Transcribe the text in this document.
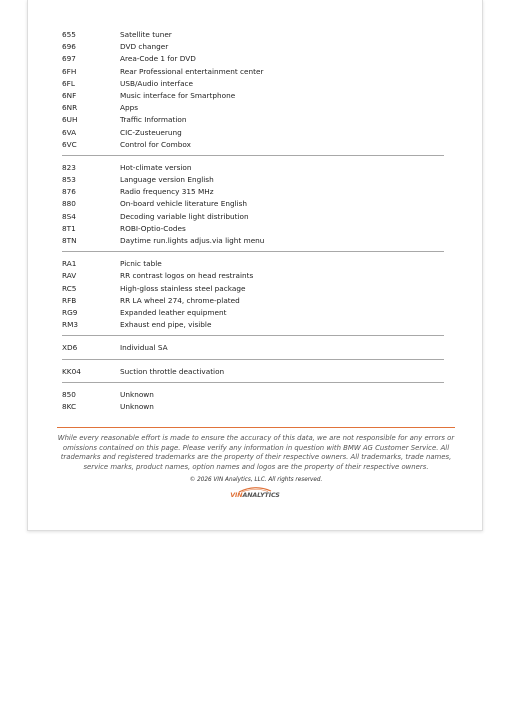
655	Satellite tuner
696	DVD changer
697	Area-Code 1 for DVD
6FH	Rear Professional entertainment center
6FL	USB/Audio interface
6NF	Music interface for Smartphone
6NR	Apps
6UH	Traffic Information
6VA	CIC-Zusteuerung
6VC	Control for Combox
823	Hot-climate version
853	Language version English
876	Radio frequency 315 MHz
880	On-board vehicle literature English
8S4	Decoding variable light distribution
8T1	ROBI-Optio-Codes
8TN	Daytime run.lights adjus.via light menu
RA1	Picnic table
RAV	RR contrast logos on head restraints
RC5	High-gloss stainless steel package
RFB	RR LA wheel 274, chrome-plated
RG9	Expanded leather equipment
RM3	Exhaust end pipe, visible
XD6	Individual SA
KK04	Suction throttle deactivation
850	Unknown
8KC	Unknown
While every reasonable effort is made to ensure the accuracy of this data, we are not responsible for any errors or omissions contained on this page. Please verify any information in question with BMW AG Customer Service. All trademarks and registered trademarks are the property of their respective owners. All trademarks, trade names, service marks, product names, option names and logos are the property of their respective owners.
© 2026 VIN Analytics, LLC. All rights reserved.
VINANALYTICS
